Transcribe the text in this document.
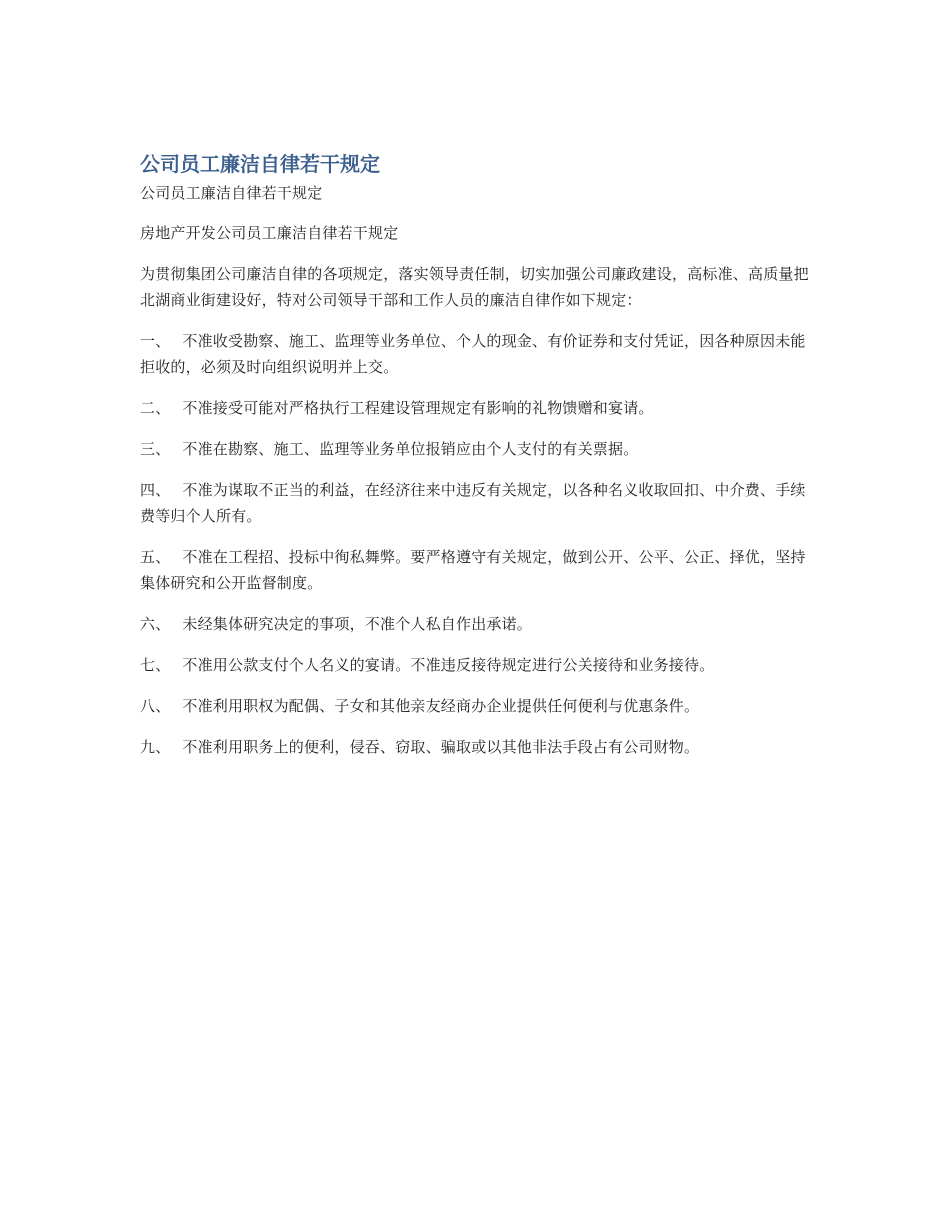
公司员工廉洁自律若干规定

公司员工廉洁自律若干规定

房地产开发公司员工廉洁自律若干规定

为贯彻集团公司廉洁自律的各项规定，落实领导责任制，切实加强公司廉政建设，高标准、高质量把北湖商业街建设好，特对公司领导干部和工作人员的廉洁自律作如下规定：

一、 不准收受勘察、施工、监理等业务单位、个人的现金、有价证券和支付凭证，因各种原因未能拒收的，必须及时向组织说明并上交。

二、 不准接受可能对严格执行工程建设管理规定有影响的礼物馈赠和宴请。

三、 不准在勘察、施工、监理等业务单位报销应由个人支付的有关票据。

四、 不准为谋取不正当的利益，在经济往来中违反有关规定，以各种名义收取回扣、中介费、手续费等归个人所有。

五、 不准在工程招、投标中徇私舞弊。要严格遵守有关规定，做到公开、公平、公正、择优，坚持集体研究和公开监督制度。

六、 未经集体研究决定的事项，不准个人私自作出承诺。

七、 不准用公款支付个人名义的宴请。不准违反接待规定进行公关接待和业务接待。

八、 不准利用职权为配偶、子女和其他亲友经商办企业提供任何便利与优惠条件。

九、 不准利用职务上的便利，侵吞、窃取、骗取或以其他非法手段占有公司财物。
